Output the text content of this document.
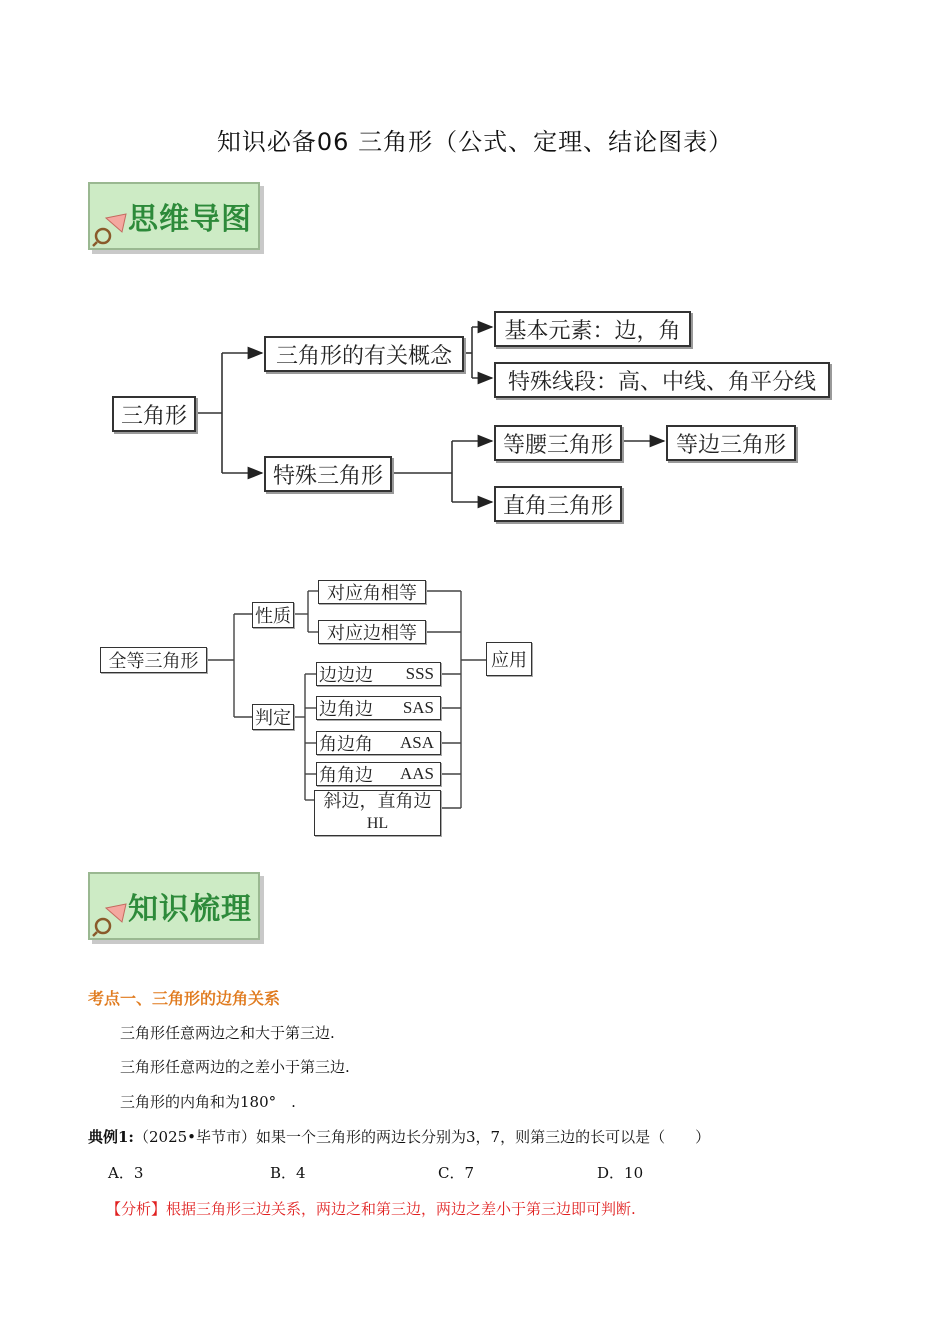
知识必备06 三角形（公式、定理、结论图表）
思维导图
三角形
三角形的有关概念
基本元素：边，角
特殊线段：高、中线、角平分线
特殊三角形
等腰三角形	等边三角形
直角三角形
全等三角形
性质
对应角相等
对应边相等
判定
应用
边边边 SSS
边角边 SAS
角边角 ASA
角角边 AAS
斜边，直角边
HL
知识梳理
考点一、三角形的边角关系
三角形任意两边之和大于第三边.
三角形任意两边的之差小于第三边.
三角形的内角和为180°　.
典例1:（2025•毕节市）如果一个三角形的两边长分别为3，7，则第三边的长可以是（　　）
A．3	B．4	C．7	D．10
【分析】根据三角形三边关系，两边之和第三边，两边之差小于第三边即可判断.
